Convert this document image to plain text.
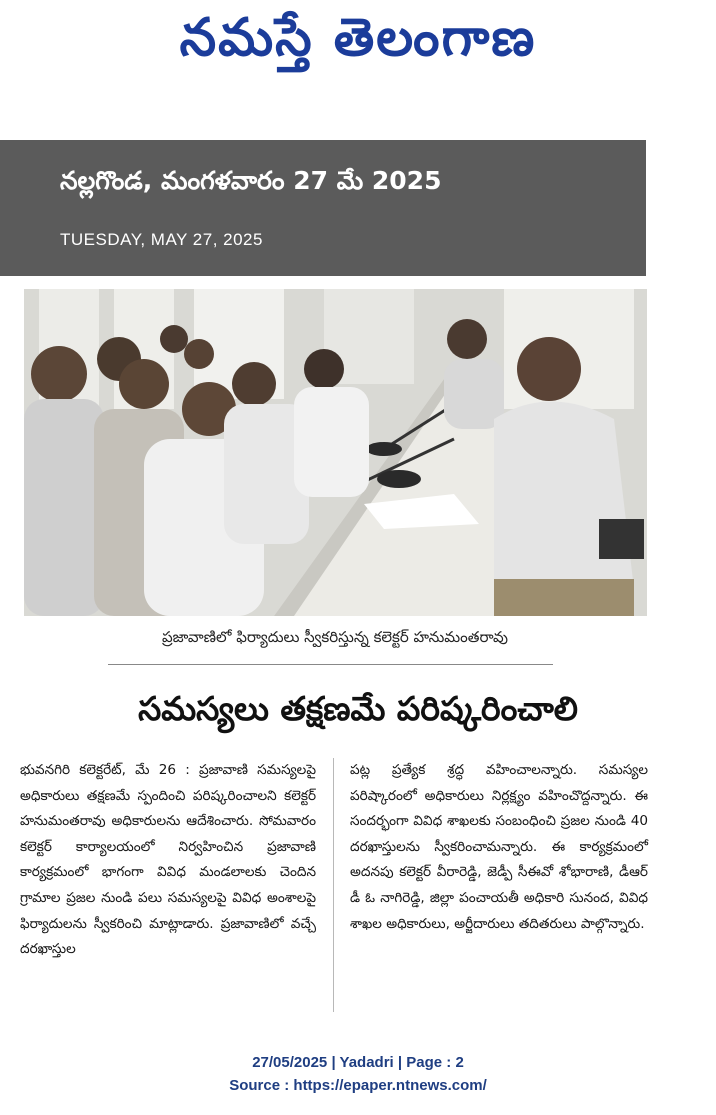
నమస్తే తెలంగాణ
నల్లగొండ, మంగళవారం 27 మే 2025
TUESDAY, MAY 27, 2025
ప్రజావాణిలో ఫిర్యాదులు స్వీకరిస్తున్న కలెక్టర్ హనుమంతరావు
సమస్యలు తక్షణమే పరిష్కరించాలి
భువనగిరి కలెక్టరేట్, మే 26 : ప్రజావాణి సమస్యలపై అధికారులు తక్షణమే స్పందించి పరిష్కరించాలని కలెక్టర్ హనుమంతరావు అధికారులను ఆదేశించారు. సోమవారం కలెక్టర్ కార్యాలయంలో నిర్వహించిన ప్రజావాణి కార్యక్రమంలో భాగంగా వివిధ మండలాలకు చెందిన గ్రామాల ప్రజల నుండి పలు సమస్యలపై వివిధ అంశాలపై ఫిర్యాదులను స్వీకరించి మాట్లాడారు. ప్రజావాణిలో వచ్చే దరఖాస్తుల
పట్ల ప్రత్యేక శ్రద్ధ వహించాలన్నారు. సమస్యల పరిష్కారంలో అధికారులు నిర్లక్ష్యం వహించొద్దన్నారు. ఈ సందర్భంగా వివిధ శాఖలకు సంబంధించి ప్రజల నుండి 40 దరఖాస్తులను స్వీకరించామన్నారు. ఈ కార్యక్రమంలో అదనపు కలెక్టర్ వీరారెడ్డి, జెడ్పీ సీఈవో శోభారాణి, డీఆర్ డీ ఓ నాగిరెడ్డి, జిల్లా పంచాయతీ అధికారి సునంద, వివిధ శాఖల అధికారులు, అర్జీదారులు తదితరులు పాల్గొన్నారు.
27/05/2025 | Yadadri | Page : 2
Source : https://epaper.ntnews.com/
